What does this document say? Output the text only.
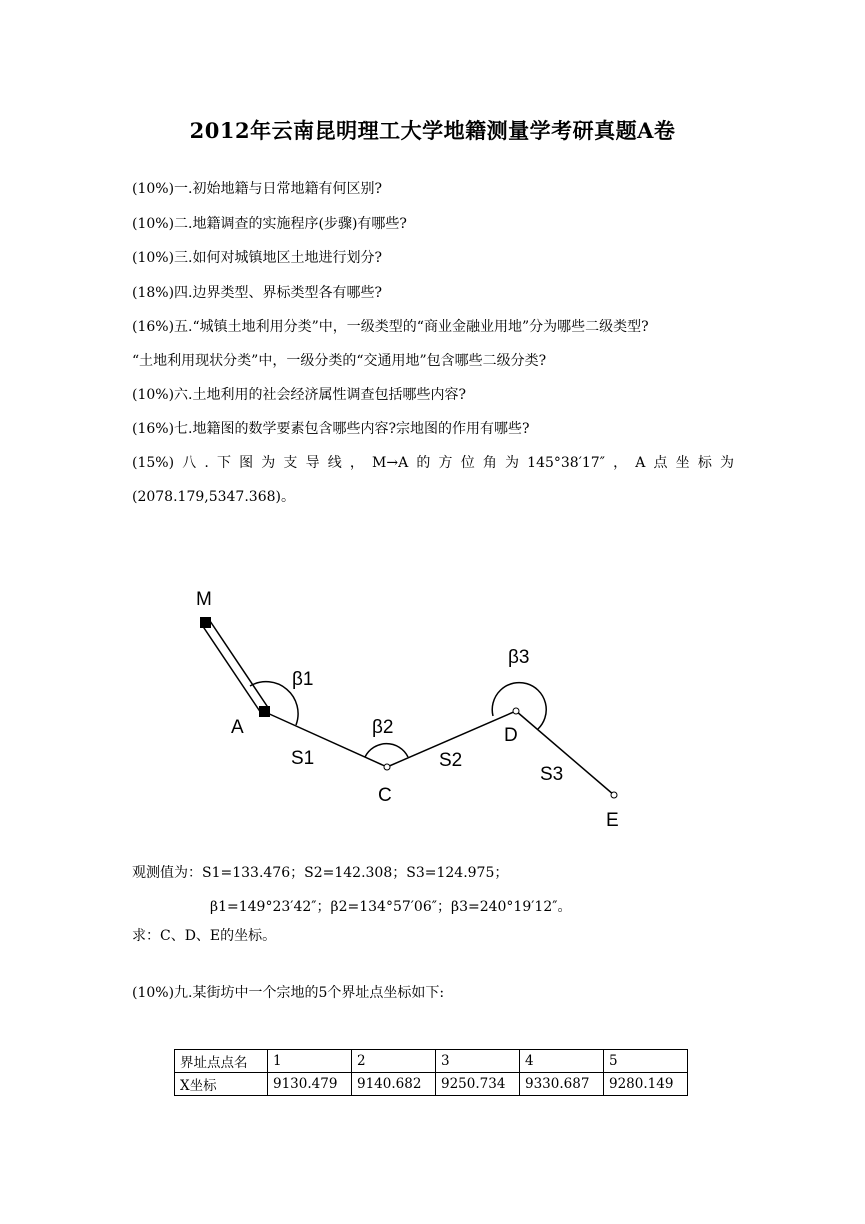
2012年云南昆明理工大学地籍测量学考研真题A卷
(10%)一.初始地籍与日常地籍有何区别?
(10%)二.地籍调查的实施程序(步骤)有哪些?
(10%)三.如何对城镇地区土地进行划分?
(18%)四.边界类型、界标类型各有哪些?
(16%)五.“城镇土地利用分类”中，一级类型的“商业金融业用地”分为哪些二级类型?
“土地利用现状分类”中，一级分类的“交通用地”包含哪些二级分类?
(10%)六.土地利用的社会经济属性调查包括哪些内容?
(16%)七.地籍图的数学要素包含哪些内容?宗地图的作用有哪些?
(15%)八.下图为支导线，M→A的方位角为145°38′17″，A点坐标为
(2078.179,5347.368)。
M
A
C
D
E
β1
β2
β3
S1	S2
S3
观测值为：S1=133.476；S2=142.308；S3=124.975；
β1=149°23′42″；β2=134°57′06″；β3=240°19′12″。
求：C、D、E的坐标。
(10%)九.某街坊中一个宗地的5个界址点坐标如下:
界址点点名	1	2	3	4	5
X坐标	9130.479	9140.682	9250.734	9330.687	9280.149
